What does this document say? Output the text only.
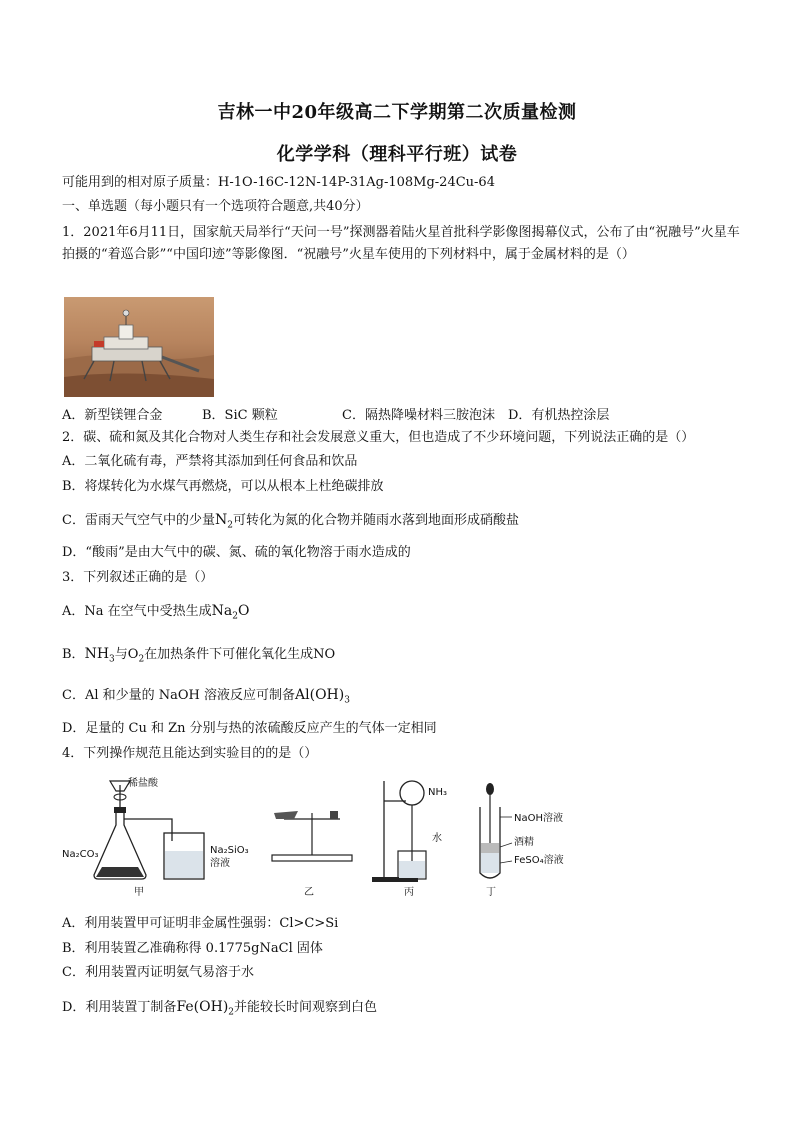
吉林一中20年级高二下学期第二次质量检测
化学学科（理科平行班）试卷
可能用到的相对原子质量：H-1O-16C-12N-14P-31Ag-108Mg-24Cu-64
一、单选题（每小题只有一个选项符合题意,共40分）
1．2021年6月11日，国家航天局举行“天问一号”探测器着陆火星首批科学影像图揭幕仪式，公布了由“祝融号”火星车拍摄的“着巡合影”“中国印迹”等影像图．“祝融号”火星车使用的下列材料中，属于金属材料的是（）
A．新型镁锂合金	B．SiC 颗粒	C．隔热降噪材料三胺泡沫 D．有机热控涂层
2．碳、硫和氮及其化合物对人类生存和社会发展意义重大，但也造成了不少环境问题，下列说法正确的是（）
A．二氧化硫有毒，严禁将其添加到任何食品和饮品
B．将煤转化为水煤气再燃烧，可以从根本上杜绝碳排放
C．雷雨天气空气中的少量$N_2$可转化为氮的化合物并随雨水落到地面形成硝酸盐
D．“酸雨”是由大气中的碳、氮、硫的氧化物溶于雨水造成的
3．下列叙述正确的是（）
A．Na 在空气中受热生成$Na_2O$
B．$NH_3$与$O_2$在加热条件下可催化氧化生成NO
C．Al 和少量的 NaOH 溶液反应可制备$Al(OH)_3$
D．足量的 Cu 和 Zn 分别与热的浓硫酸反应产生的气体一定相同
4．下列操作规范且能达到实验目的的是（）
稀盐酸
Na₂CO₃	Na₂SiO₃
溶液
甲	乙
NH₃
水
丙
NaOH溶液
酒精
FeSO₄溶液
丁
A．利用装置甲可证明非金属性强弱：Cl>C>Si
B．利用装置乙准确称得 0.1775gNaCl 固体
C．利用装置丙证明氨气易溶于水
D．利用装置丁制备$Fe(OH)_2$并能较长时间观察到白色
